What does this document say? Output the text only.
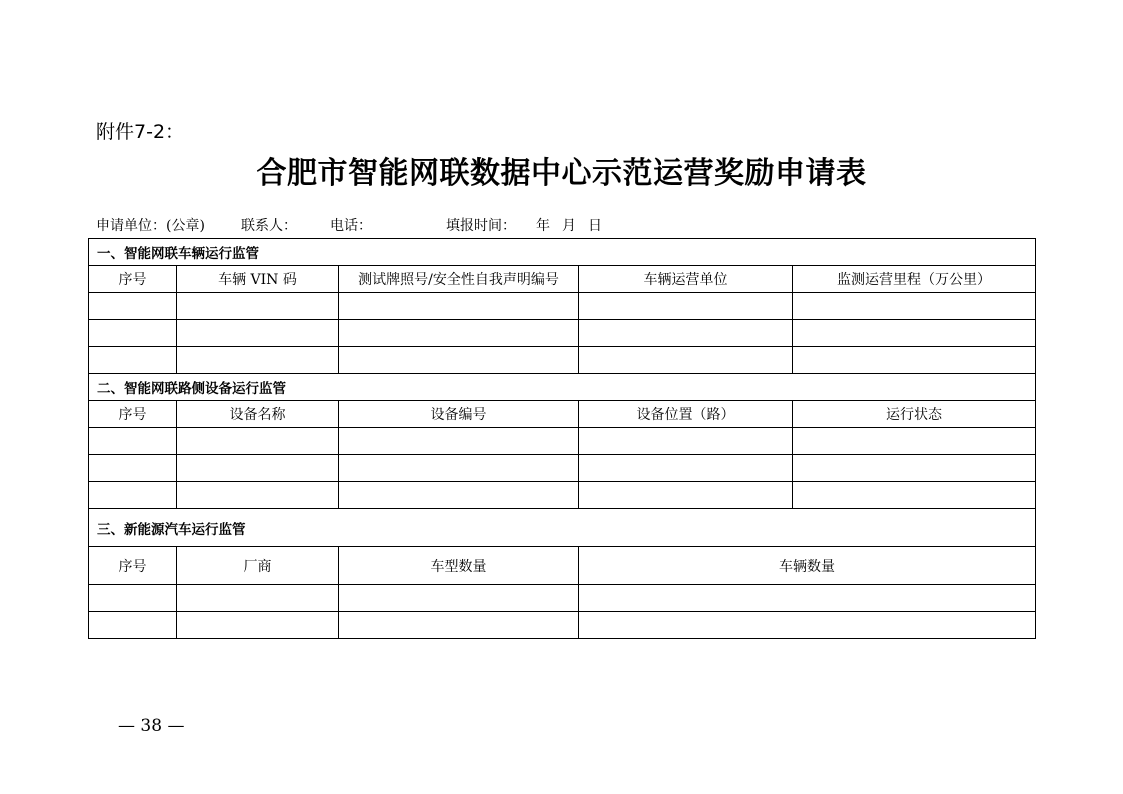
附件7-2：
合肥市智能网联数据中心示范运营奖励申请表
申请单位：(公章)	联系人： 电话：	填报时间： 年 月 日
一、智能网联车辆运行监管				
序号	车辆 VIN 码	测试牌照号/安全性自我声明编号	车辆运营单位	监测运营里程（万公里）

二、智能网联路侧设备运行监管				
序号	设备名称	设备编号	设备位置（路）	运行状态

三、新能源汽车运行监管				
序号	厂商	车型数量	车辆数量	

— 38 —
